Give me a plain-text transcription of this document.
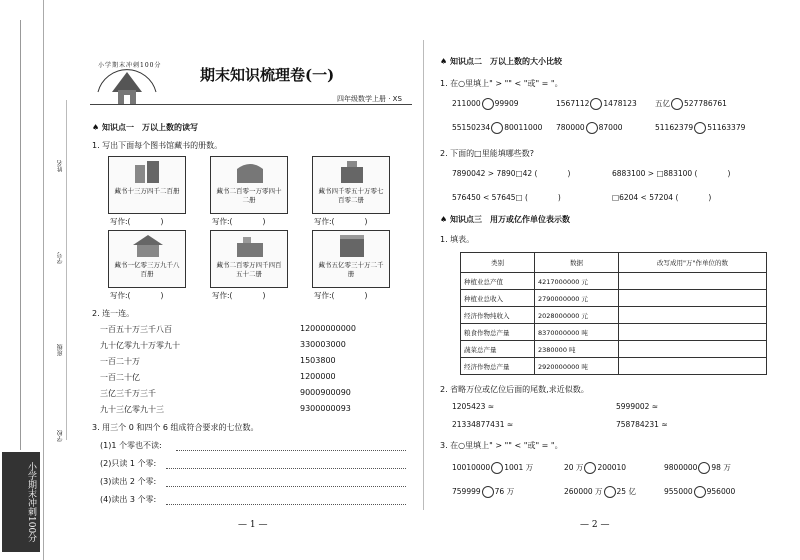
姓名
学号
班级
学校
小学期末冲刺100分
小学期末冲刺100分
期末知识梳理卷(一)
四年级数学上册 · XS
♠ 知识点一　万以上数的读写
1. 写出下面每个图书馆藏书的册数。
藏书十三万四千二百册	藏书二百零一万零四十二册
藏书四千零五十万零七百零二册
写作:(　　　　)	写作:(　　　　)	写作:(　　　　)
藏书一亿零三万九千八百册
藏书二百零万四千四百五十二册
藏书五亿零三十万二千册
写作:(　　　　)	写作:(　　　　)	写作:(　　　　)
2. 连一连。
一百五十万三千八百
九十亿零九十万零九十
一百二十万
一百二十亿
三亿三千万三千
九十三亿零九十三
12000000000
330003000
1503800
1200000
9000900090
9300000093
3. 用三个 0 和四个 6 组成符合要求的七位数。
(1)1 个零也不读:
(2)只读 1 个零:
(3)读出 2 个零:
(4)读出 3 个零:
— 1 —
♠ 知识点二　万以上数的大小比较
1. 在○里填上" > "" < "或" = "。
211000 99909	1567112 1478123 五亿 527786761
55150234 80011000 780000 87000	51162379 51163379
2. 下面的□里能填哪些数?
7890042 > 7890□42 (　　　　)	6883100 > □883100 (　　　　)
576450 < 57645□ (　　　　)	□6204 < 57204 (　　　　)
♠ 知识点三　用万或亿作单位表示数
1. 填表。
类别	数据	改写成用"万"作单位的数
种植业总产值	4217000000 元	
种植业总收入	2790000000 元	
经济作物纯收入	2028000000 元	
粮食作物总产量	8370000000 吨	
蔬菜总产量	2380000 吨	
经济作物总产量	2920000000 吨	
2. 省略万位或亿位后面的尾数,求近似数。
1205423 ≈	5999002 ≈
21334877431 ≈	758784231 ≈
3. 在○里填上" > "" < "或" = "。
10010000 1001 万	20 万 200010	9800000 98 万
759999 76 万	260000 万 25 亿	955000 956000
— 2 —
